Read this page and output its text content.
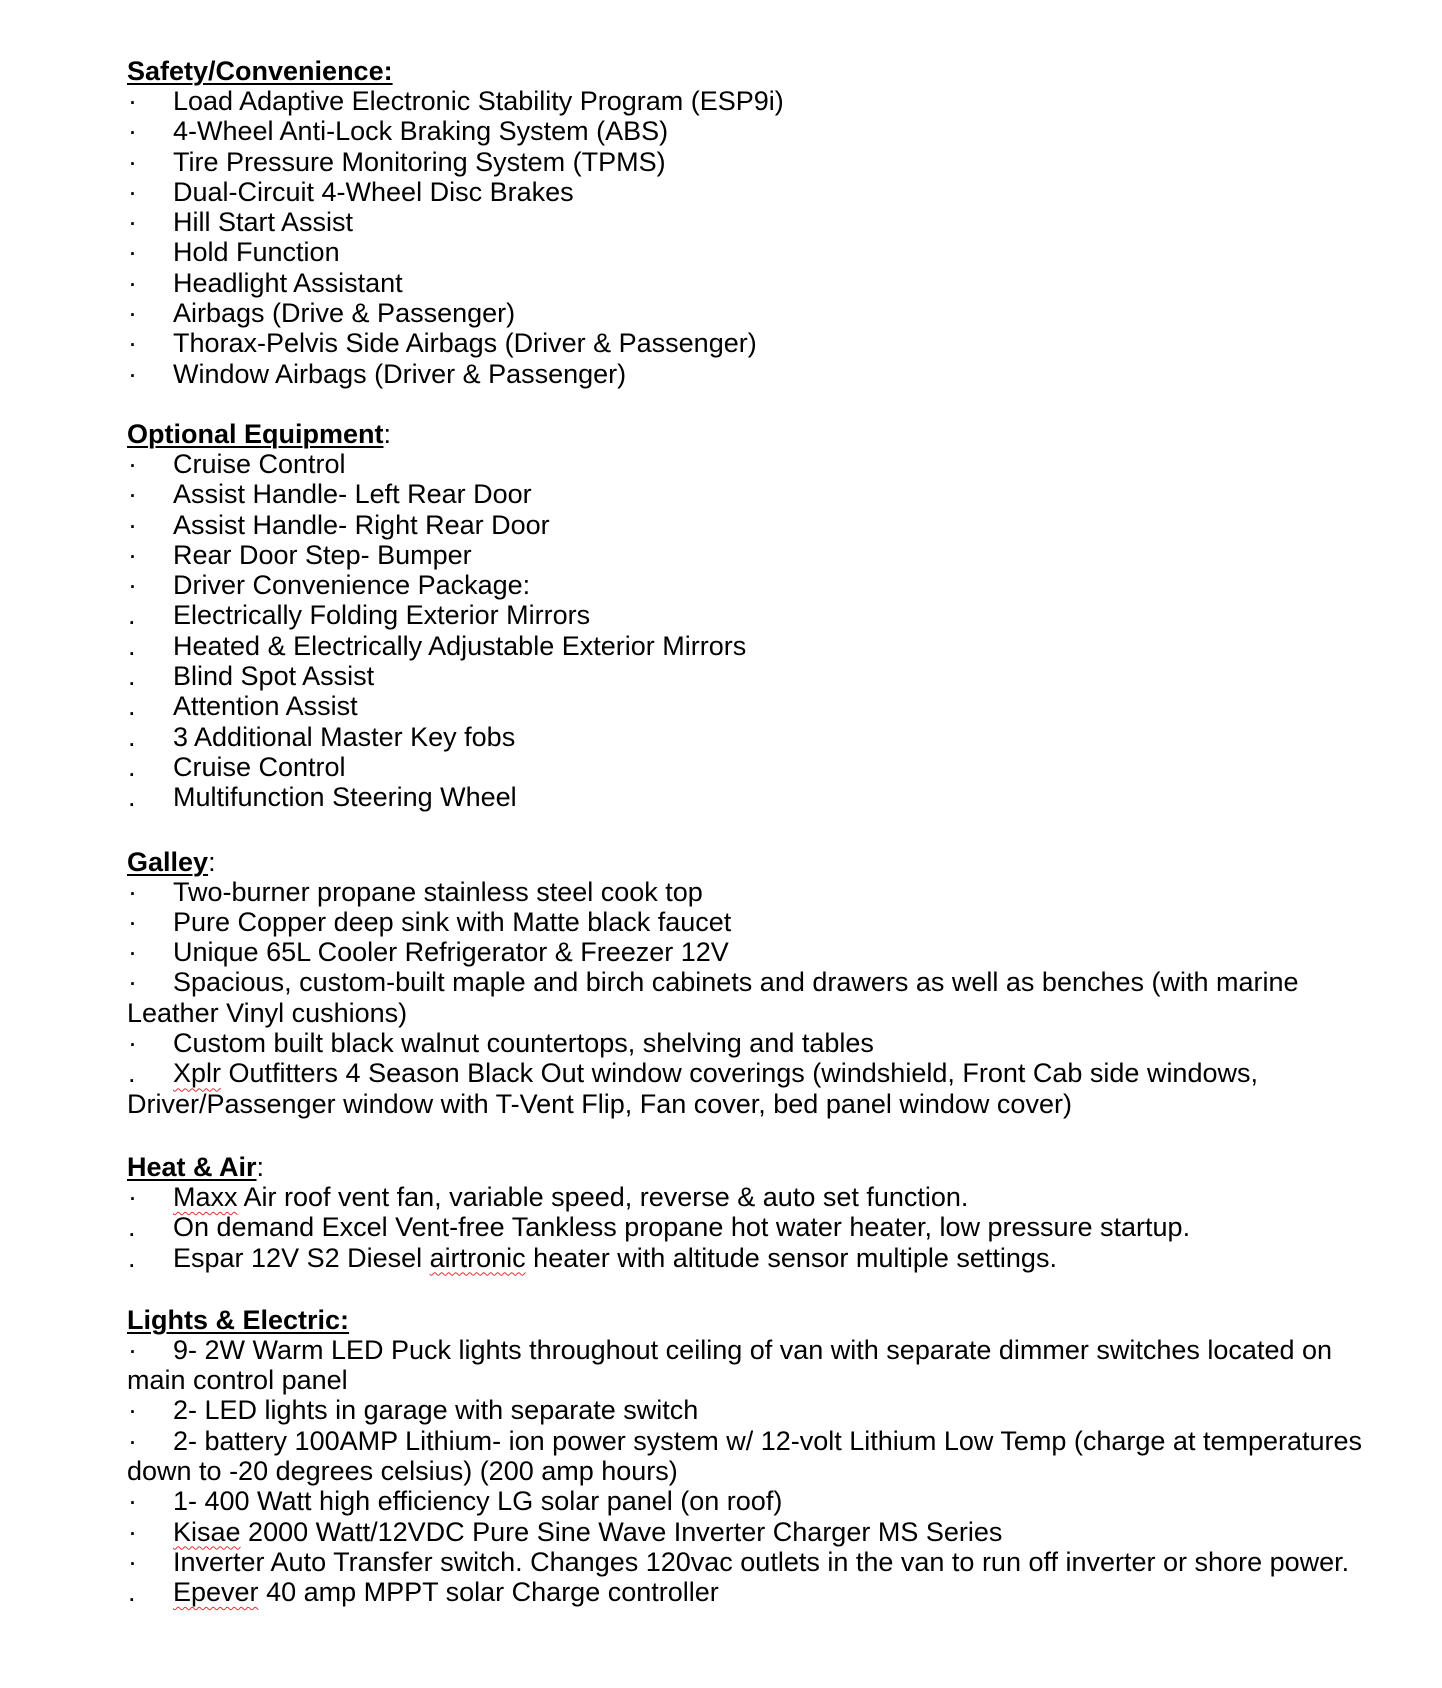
Safety/Convenience:
· Load Adaptive Electronic Stability Program (ESP9i)
· 4-Wheel Anti-Lock Braking System (ABS)
· Tire Pressure Monitoring System (TPMS)
· Dual-Circuit 4-Wheel Disc Brakes
· Hill Start Assist
· Hold Function
· Headlight Assistant
· Airbags (Drive & Passenger)
· Thorax-Pelvis Side Airbags (Driver & Passenger)
· Window Airbags (Driver & Passenger)
Optional Equipment:
· Cruise Control
· Assist Handle- Left Rear Door
· Assist Handle- Right Rear Door
· Rear Door Step- Bumper
· Driver Convenience Package:
. Electrically Folding Exterior Mirrors
. Heated & Electrically Adjustable Exterior Mirrors
. Blind Spot Assist
. Attention Assist
. 3 Additional Master Key fobs
. Cruise Control
. Multifunction Steering Wheel
Galley:
· Two-burner propane stainless steel cook top
· Pure Copper deep sink with Matte black faucet
· Unique 65L Cooler Refrigerator & Freezer 12V
· Spacious, custom-built maple and birch cabinets and drawers as well as benches (with marine Leather Vinyl cushions)
· Custom built black walnut countertops, shelving and tables
. Xplr Outfitters 4 Season Black Out window coverings (windshield, Front Cab side windows, Driver/Passenger window with T-Vent Flip, Fan cover, bed panel window cover)
Heat & Air:
· Maxx Air roof vent fan, variable speed, reverse & auto set function.
. On demand Excel Vent-free Tankless propane hot water heater, low pressure startup.
. Espar 12V S2 Diesel airtronic heater with altitude sensor multiple settings.
Lights & Electric:
· 9- 2W Warm LED Puck lights throughout ceiling of van with separate dimmer switches located on main control panel
· 2- LED lights in garage with separate switch
· 2- battery 100AMP Lithium- ion power system w/ 12-volt Lithium Low Temp (charge at temperatures down to -20 degrees celsius) (200 amp hours)
· 1- 400 Watt high efficiency LG solar panel (on roof)
· Kisae 2000 Watt/12VDC Pure Sine Wave Inverter Charger MS Series
· Inverter Auto Transfer switch. Changes 120vac outlets in the van to run off inverter or shore power.
. Epever 40 amp MPPT solar Charge controller
